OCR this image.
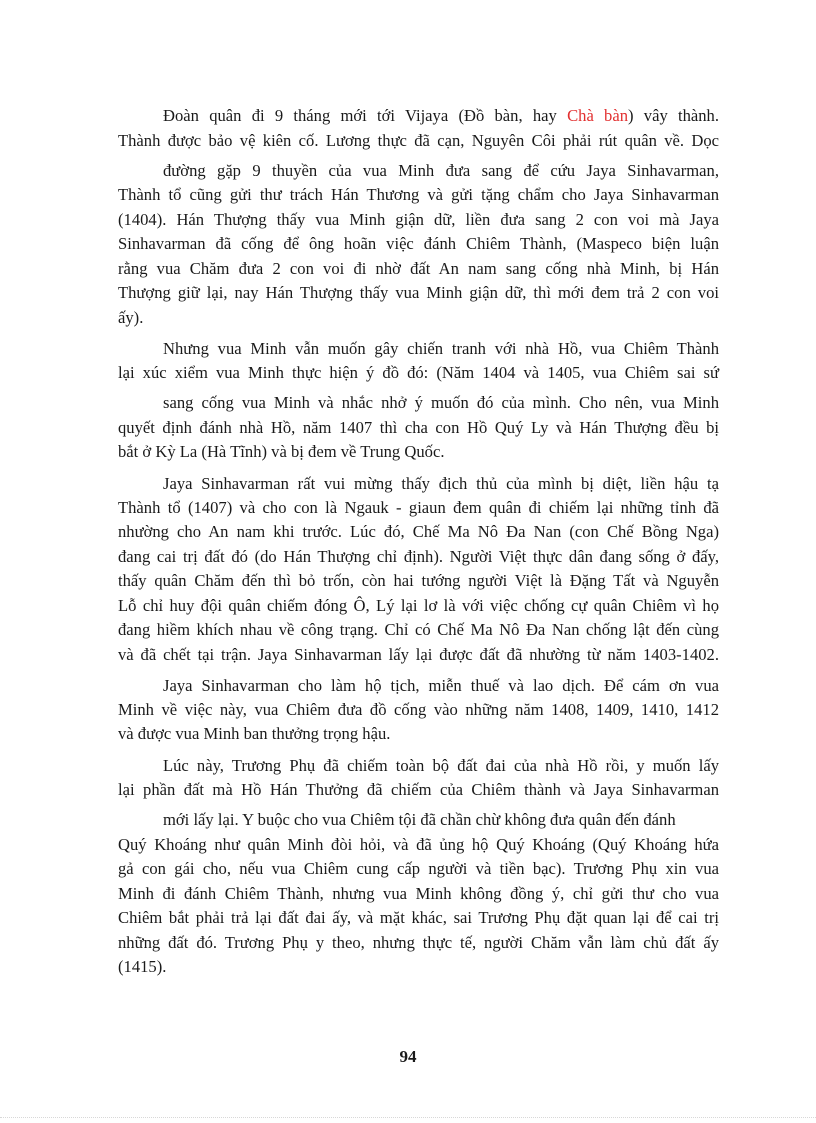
Đoàn quân đi 9 tháng mới tới Vijaya (Đồ bàn, hay Chà bàn) vây thành.
Thành được bảo vệ kiên cố. Lương thực đã cạn, Nguyên Côi phải rút quân về. Dọc
đường gặp 9 thuyền của vua Minh đưa sang để cứu Jaya Sinhavarman,
Thành tổ cũng gửi thư trách Hán Thương và gửi tặng chẩm cho Jaya Sinhavarman
(1404). Hán Thượng thấy vua Minh giận dữ, liền đưa sang 2 con voi mà Jaya
Sinhavarman đã cống để ông hoãn việc đánh Chiêm Thành, (Maspeco biện luận
rằng vua Chăm đưa 2 con voi đi nhờ đất An nam sang cống nhà Minh, bị Hán
Thượng giữ lại, nay Hán Thượng thấy vua Minh giận dữ, thì mới đem trả 2 con voi
ấy).
Nhưng vua Minh vẫn muốn gây chiến tranh với nhà Hồ, vua Chiêm Thành
lại xúc xiểm vua Minh thực hiện ý đồ đó: (Năm 1404 và 1405, vua Chiêm sai sứ
sang cống vua Minh và nhắc nhở ý muốn đó của mình. Cho nên, vua Minh
quyết định đánh nhà Hồ, năm 1407 thì cha con Hồ Quý Ly và Hán Thượng đều bị
bắt ở Kỳ La (Hà Tĩnh) và bị đem về Trung Quốc.
Jaya Sinhavarman rất vui mừng thấy địch thủ của mình bị diệt, liền hậu tạ
Thành tổ (1407) và cho con là Ngauk - giaun đem quân đi chiếm lại những tỉnh đã
nhường cho An nam khi trước. Lúc đó, Chế Ma Nô Đa Nan (con Chế Bồng Nga)
đang cai trị đất đó (do Hán Thượng chỉ định). Người Việt thực dân đang sống ở đấy,
thấy quân Chăm đến thì bỏ trốn, còn hai tướng người Việt là Đặng Tất và Nguyễn
Lỗ chỉ huy đội quân chiếm đóng Ô, Lý lại lơ là với việc chống cự quân Chiêm vì họ
đang hiềm khích nhau về công trạng. Chỉ có Chế Ma Nô Đa Nan chống lật đến cùng
và đã chết tại trận. Jaya Sinhavarman lấy lại được đất đã nhường từ năm 1403-1402.
Jaya Sinhavarman cho làm hộ tịch, miễn thuế và lao dịch. Để cám ơn vua
Minh về việc này, vua Chiêm đưa đồ cống vào những năm 1408, 1409, 1410, 1412
và được vua Minh ban thưởng trọng hậu.
Lúc này, Trương Phụ đã chiếm toàn bộ đất đai của nhà Hồ rồi, y muốn lấy
lại phần đất mà Hồ Hán Thưởng đã chiếm của Chiêm thành và Jaya Sinhavarman
mới lấy lại. Y buộc cho vua Chiêm tội đã chần chừ không đưa quân đến đánh
Quý Khoáng như quân Minh đòi hỏi, và đã ủng hộ Quý Khoáng (Quý Khoáng hứa
gả con gái cho, nếu vua Chiêm cung cấp người và tiền bạc). Trương Phụ xin vua
Minh đi đánh Chiêm Thành, nhưng vua Minh không đồng ý, chỉ gửi thư cho vua
Chiêm bắt phải trả lại đất đai ấy, và mặt khác, sai Trương Phụ đặt quan lại để cai trị
những đất đó. Trương Phụ y theo, nhưng thực tế, người Chăm vẫn làm chủ đất ấy
(1415).
94
